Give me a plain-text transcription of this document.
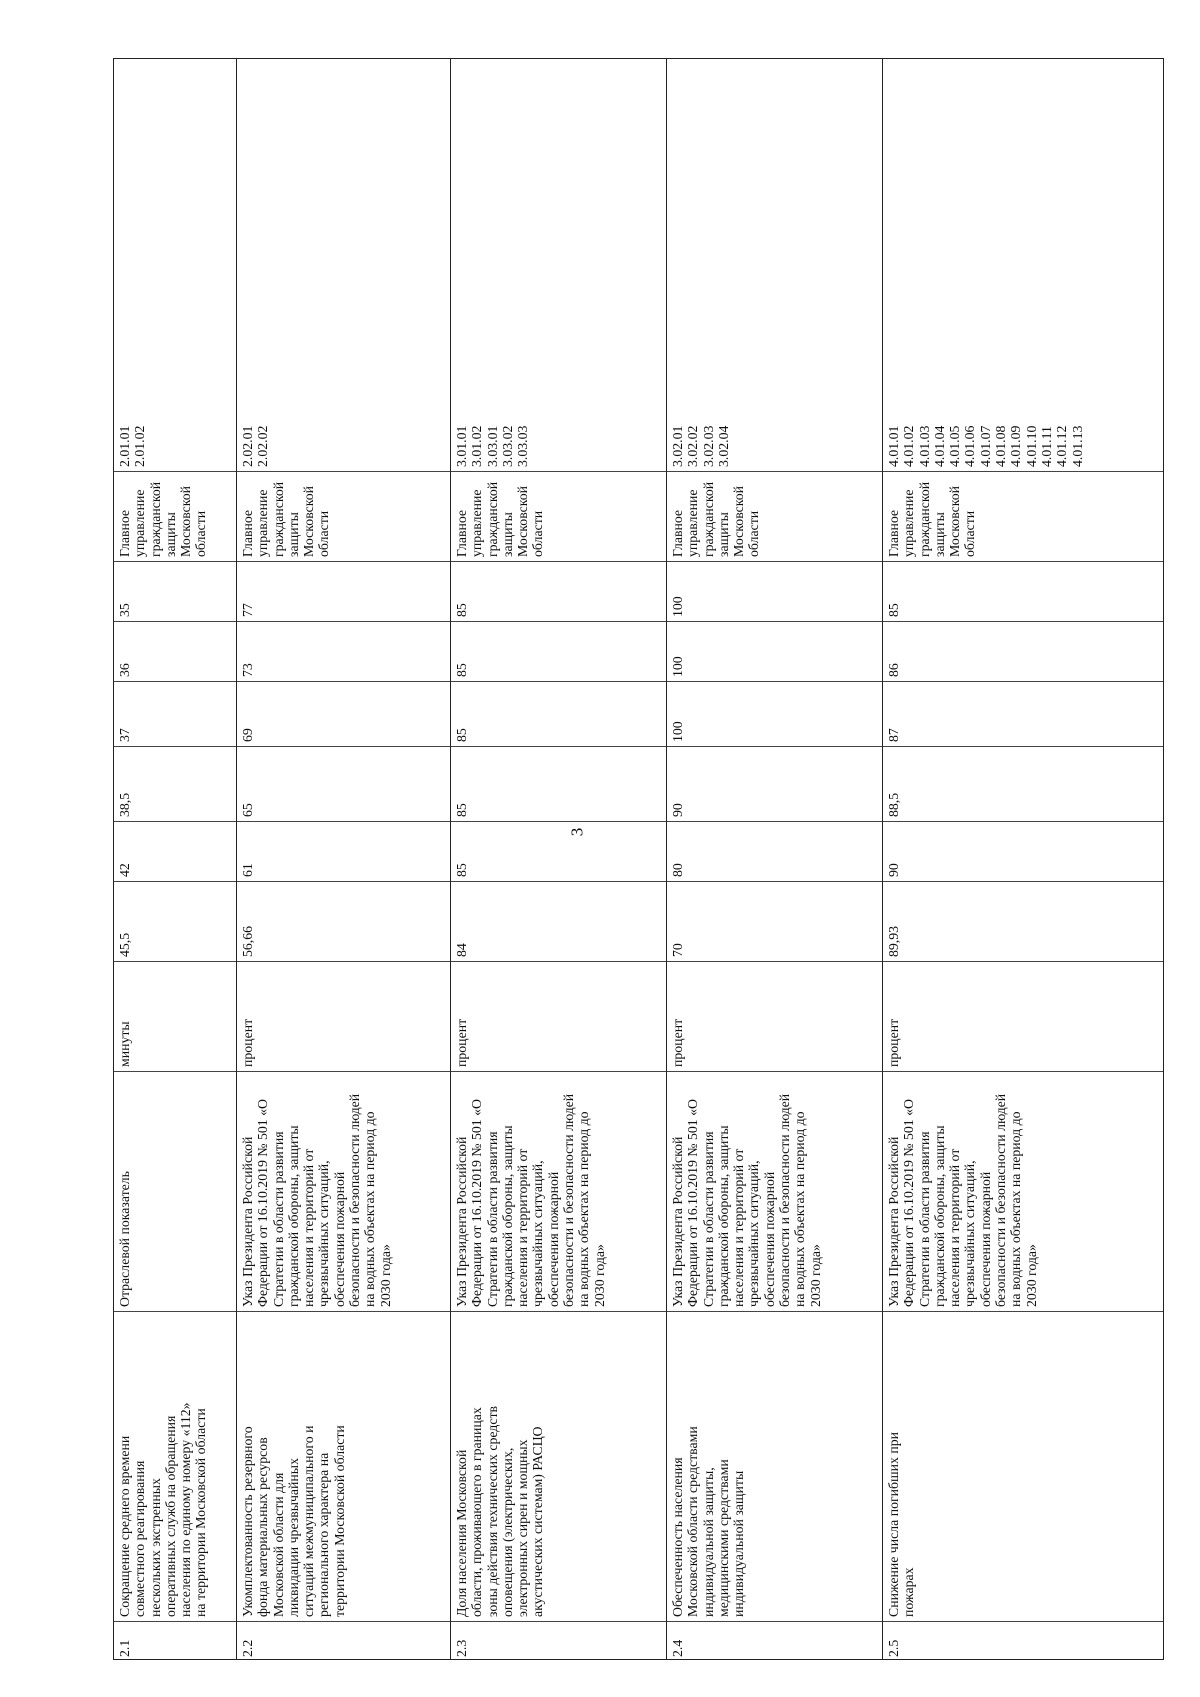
3
2.1
Сокращение среднего времени
совместного реагирования
нескольких экстренных
оперативных служб на обращения
населения по единому номеру «112»
на территории Московской области
Отраслевой показатель
минуты
45,5
42
38,5
37
36
35
Главное управление
гражданской защиты
Московской области
2.01.01
2.01.02
2.2
Укомплектованность резервного
фонда материальных ресурсов
Московской области для
ликвидации чрезвычайных
ситуаций межмуниципального и
регионального характера на
территории Московской области
Указ Президента Российской
Федерации от 16.10.2019 № 501 «О
Стратегии в области развития
гражданской обороны, защиты
населения и территорий от
чрезвычайных ситуаций,
обеспечения пожарной
безопасности и безопасности людей
на водных объектах на период до
2030 года»
процент
56,66
61
65
69
73
77
Главное управление
гражданской защиты
Московской области
2.02.01
2.02.02
2.3
Доля населения Московской
области, проживающего в границах
зоны действия технических средств
оповещения (электрических,
электронных сирен и мощных
акустических системам) РАСЦО
Указ Президента Российской
Федерации от 16.10.2019 № 501 «О
Стратегии в области развития
гражданской обороны, защиты
населения и территорий от
чрезвычайных ситуаций,
обеспечения пожарной
безопасности и безопасности людей
на водных объектах на период до
2030 года»
процент
84
85
85
85
85
85
Главное управление
гражданской защиты
Московской области
3.01.01
3.01.02
3.03.01
3.03.02
3.03.03
2.4
Обеспеченность населения
Московской области средствами
индивидуальной защиты,
медицинскими средствами
индивидуальной защиты
Указ Президента Российской
Федерации от 16.10.2019 № 501 «О
Стратегии в области развития
гражданской обороны, защиты
населения и территорий от
чрезвычайных ситуаций,
обеспечения пожарной
безопасности и безопасности людей
на водных объектах на период до
2030 года»
процент
70
80
90
100
100
100
Главное управление
гражданской защиты
Московской области
3.02.01
3.02.02
3.02.03
3.02.04
2.5
Снижение числа погибших при
пожарах
Указ Президента Российской
Федерации от 16.10.2019 № 501 «О
Стратегии в области развития
гражданской обороны, защиты
населения и территорий от
чрезвычайных ситуаций,
обеспечения пожарной
безопасности и безопасности людей
на водных объектах на период до
2030 года»
процент
89,93
90
88,5
87
86
85
Главное управление
гражданской защиты
Московской области
4.01.01
4.01.02
4.01.03
4.01.04
4.01.05
4.01.06
4.01.07
4.01.08
4.01.09
4.01.10
4.01.11
4.01.12
4.01.13
